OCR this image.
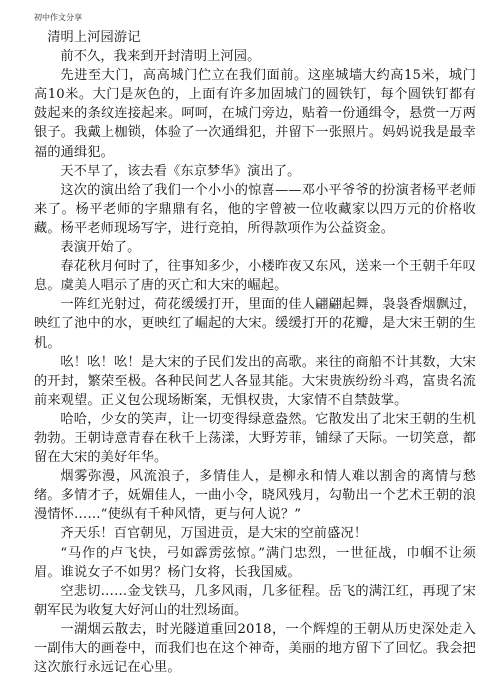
初中作文分享

清明上河园游记

前不久，我来到开封清明上河园。

先进至大门，高高城门伫立在我们面前。这座城墙大约高15米，城门高10米。大门是灰色的，上面有许多加固城门的圆铁钉，每个圆铁钉都有鼓起来的条纹连接起来。呵呵，在城门旁边，贴着一份通缉令，悬赏一万两银子。我戴上枷锁，体验了一次通缉犯，并留下一张照片。妈妈说我是最幸福的通缉犯。

天不早了，该去看《东京梦华》演出了。

这次的演出给了我们一个小小的惊喜——邓小平爷爷的扮演者杨平老师来了。杨平老师的字鼎鼎有名，他的字曾被一位收藏家以四万元的价格收藏。杨平老师现场写字，进行竞拍，所得款项作为公益资金。

表演开始了。

春花秋月何时了，往事知多少，小楼昨夜又东风，送来一个王朝千年叹息。虞美人唱示了唐的灭亡和大宋的崛起。

一阵红光射过，荷花缓缓打开，里面的佳人翩翩起舞，袅袅香烟飘过，映红了池中的水，更映红了崛起的大宋。缓缓打开的花瓣，是大宋王朝的生机。

吆！吆！吆！是大宋的子民们发出的高歌。来往的商船不计其数，大宋的开封，繁荣至极。各种民间艺人各显其能。大宋贵族纷纷斗鸡，富贵名流前来观望。正义包公现场断案，无惧权贵，大家情不自禁鼓掌。

哈哈，少女的笑声，让一切变得绿意盎然。它散发出了北宋王朝的生机勃勃。王朝诗意青春在秋千上荡漾，大野芳菲，铺绿了天际。一切笑意，都留在大宋的美好年华。

烟雾弥漫，风流浪子，多情佳人，是柳永和情人难以割舍的离情与愁绪。多情才子，妩媚佳人，一曲小令，晓风残月，勾勒出一个艺术王朝的浪漫情怀……“使纵有千种风情，更与何人说？”

齐天乐！百官朝见，万国进贡，是大宋的空前盛况！

“马作的卢飞快，弓如霹雳弦惊。”满门忠烈，一世征战，巾帼不让须眉。谁说女子不如男？杨门女将，长我国威。

空悲切……金戈铁马，几多风雨，几多征程。岳飞的满江红，再现了宋朝军民为收复大好河山的壮烈场面。

一湖烟云散去，时光隧道重回2018，一个辉煌的王朝从历史深处走入一副伟大的画卷中，而我们也在这个神奇，美丽的地方留下了回忆。我会把这次旅行永远记在心里。
